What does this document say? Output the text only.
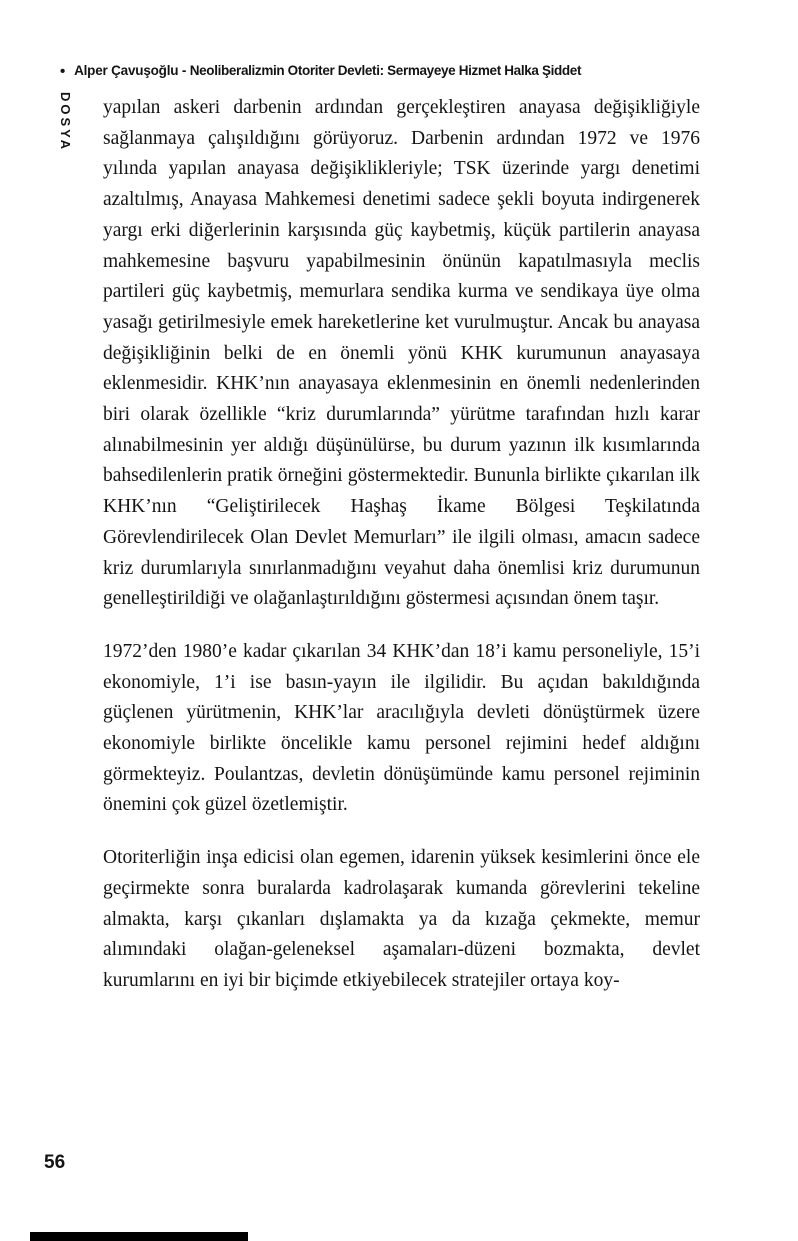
• Alper Çavuşoğlu - Neoliberalizmin Otoriter Devleti: Sermayeye Hizmet Halka Şiddet
DOSYA yapılan askeri darbenin ardından gerçekleştiren anayasa değişikliğiyle sağlanmaya çalışıldığını görüyoruz. Darbenin ardından 1972 ve 1976 yılında yapılan anayasa değişiklikleriyle; TSK üzerinde yargı denetimi azaltılmış, Anayasa Mahkemesi denetimi sadece şekli boyuta indirgenerek yargı erki diğerlerinin karşısında güç kaybetmiş, küçük partilerin anayasa mahkemesine başvuru yapabilmesinin önünün kapatılmasıyla meclis partileri güç kaybetmiş, memurlara sendika kurma ve sendikaya üye olma yasağı getirilmesiyle emek hareketlerine ket vurulmuştur. Ancak bu anayasa değişikliğinin belki de en önemli yönü KHK kurumunun anayasaya eklenmesidir. KHK’nın anayasaya eklenmesinin en önemli nedenlerinden biri olarak özellikle “kriz durumlarında” yürütme tarafından hızlı karar alınabilmesinin yer aldığı düşünülürse, bu durum yazının ilk kısımlarında bahsedilenlerin pratik örneğini göstermektedir. Bununla birlikte çıkarılan ilk KHK’nın “Geliştirilecek Haşhaş İkame Bölgesi Teşkilatında Görevlendirilecek Olan Devlet Memurları” ile ilgili olması, amacın sadece kriz durumlarıyla sınırlanmadığını veyahut daha önemlisi kriz durumunun genelleştirildiği ve olağanlaştırıldığını göstermesi açısından önem taşır.

1972’den 1980’e kadar çıkarılan 34 KHK’dan 18’i kamu personeliyle, 15’i ekonomiyle, 1’i ise basın-yayın ile ilgilidir. Bu açıdan bakıldığında güçlenen yürütmenin, KHK’lar aracılığıyla devleti dönüştürmek üzere ekonomiyle birlikte öncelikle kamu personel rejimini hedef aldığını görmekteyiz. Poulantzas, devletin dönüşümünde kamu personel rejiminin önemini çok güzel özetlemiştir.

Otoriterliğin inşa edicisi olan egemen, idarenin yüksek kesimlerini önce ele geçirmekte sonra buralarda kadrolaşarak kumanda görevlerini tekeline almakta, karşı çıkanları dışlamakta ya da kızağa çekmekte, memur alımındaki olağan-geleneksel aşamaları-düzeni bozmakta, devlet kurumlarını en iyi bir biçimde etkiyebilecek stratejiler ortaya koy-

56
